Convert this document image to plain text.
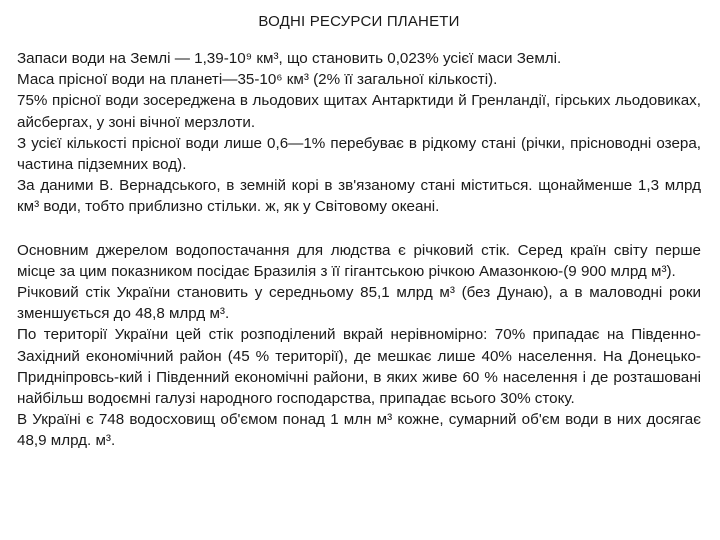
ВОДНІ РЕСУРСИ ПЛАНЕТИ

Запаси води на Землі — 1,39-10⁹ км³, що становить 0,023% усієї маси Землі.

Маса прісної води на планеті—35-10⁶ км³ (2% її загальної кількості).

75% прісної води зосереджена в льодових щитах Антарктиди й Гренландії, гірських льодовиках, айсбергах, у зоні вічної мерзлоти.

З усієї кількості прісної води лише 0,6—1% перебуває в рідкому стані (річки, прісноводні озера, частина підземних вод).

За даними В. Вернадського, в земній корі в зв'язаному стані міститься. щонайменше 1,3 млрд км³ води, тобто приблизно стільки. ж, як у Світовому океані.

Основним джерелом водопостачання для людства є річковий стік. Серед країн світу перше місце за цим показником посідає Бразилія з її гігантською річкою Амазонкою-(9 900 млрд м³).

Річковий стік України становить у середньому 85,1 млрд м³ (без Дунаю), а в маловодні роки зменшується до 48,8 млрд м³.

По території України цей стік розподілений вкрай нерівномірно: 70% припадає на Південно-Західний економічний район (45 % території), де мешкає лише 40% населення. На Донецько-Придніпровсь-кий і Південний економічні райони, в яких живе 60 % населення і де розташовані найбільш водоємні галузі народного господарства, припадає всього 30% стоку.

В Україні є 748 водосховищ об'ємом понад 1 млн м³ кожне, сумарний об'єм води в них досягає 48,9 млрд. м³.
